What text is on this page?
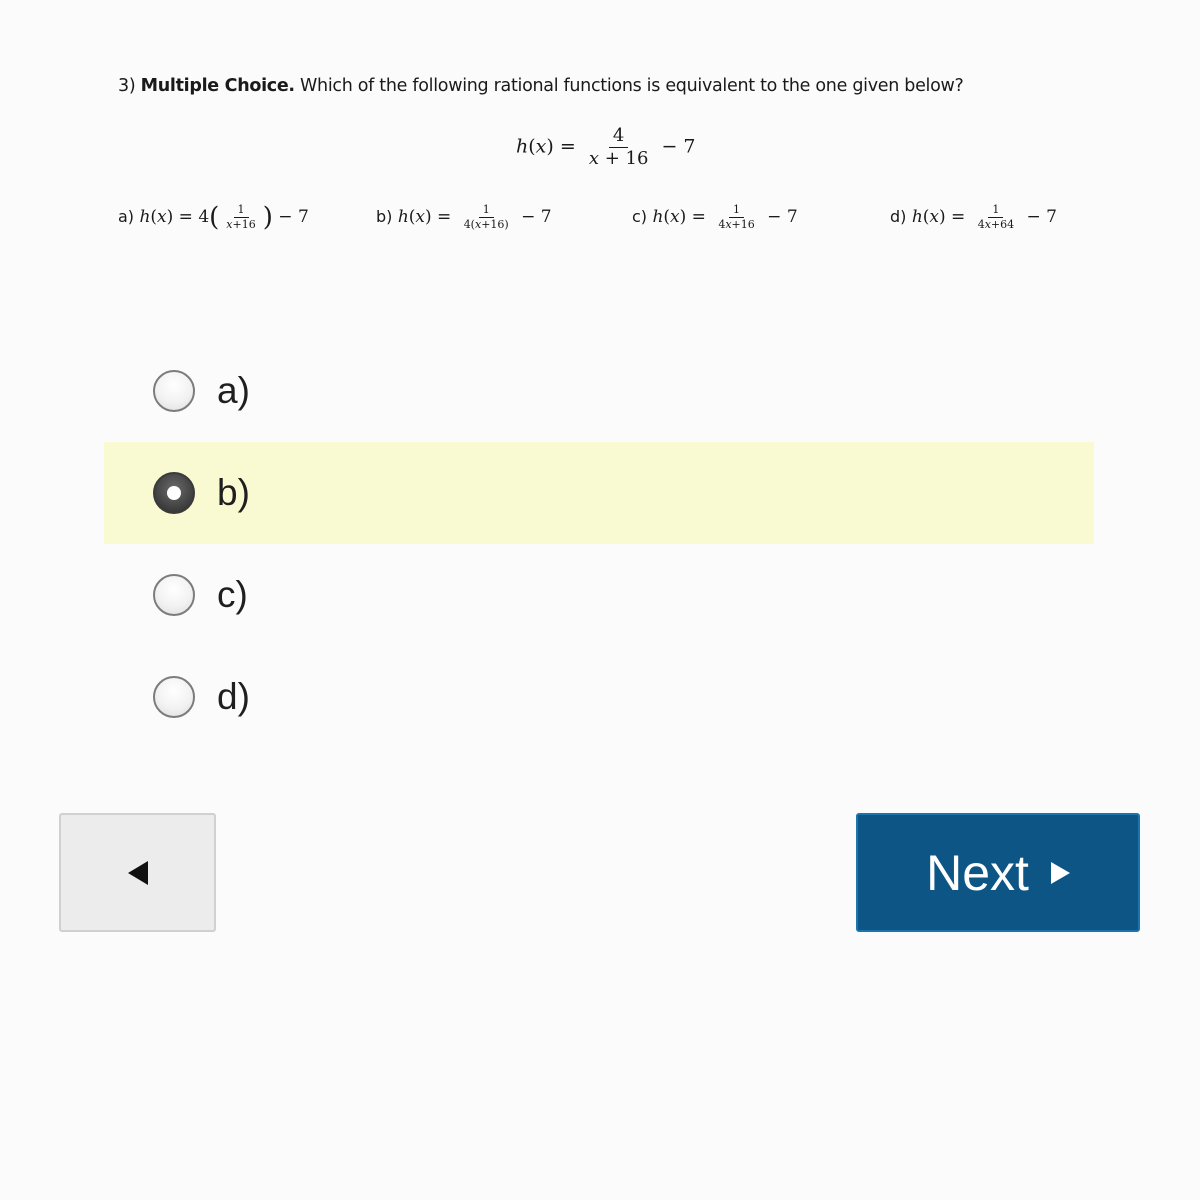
3) Multiple Choice. Which of the following rational functions is equivalent to the one given below?
$h(x) = \frac{4}{x + 16} - 7$
a) $h(x) = 4( \frac{1}{x+16}$ ) − 7	b) $h(x) = \frac{1}{4(x+16)} - 7$	c) $h(x) = \frac{1}{4x+16} - 7$	d) $h(x) = \frac{1}{4x+64} - 7$
a)
b)
c)
d)
Next
